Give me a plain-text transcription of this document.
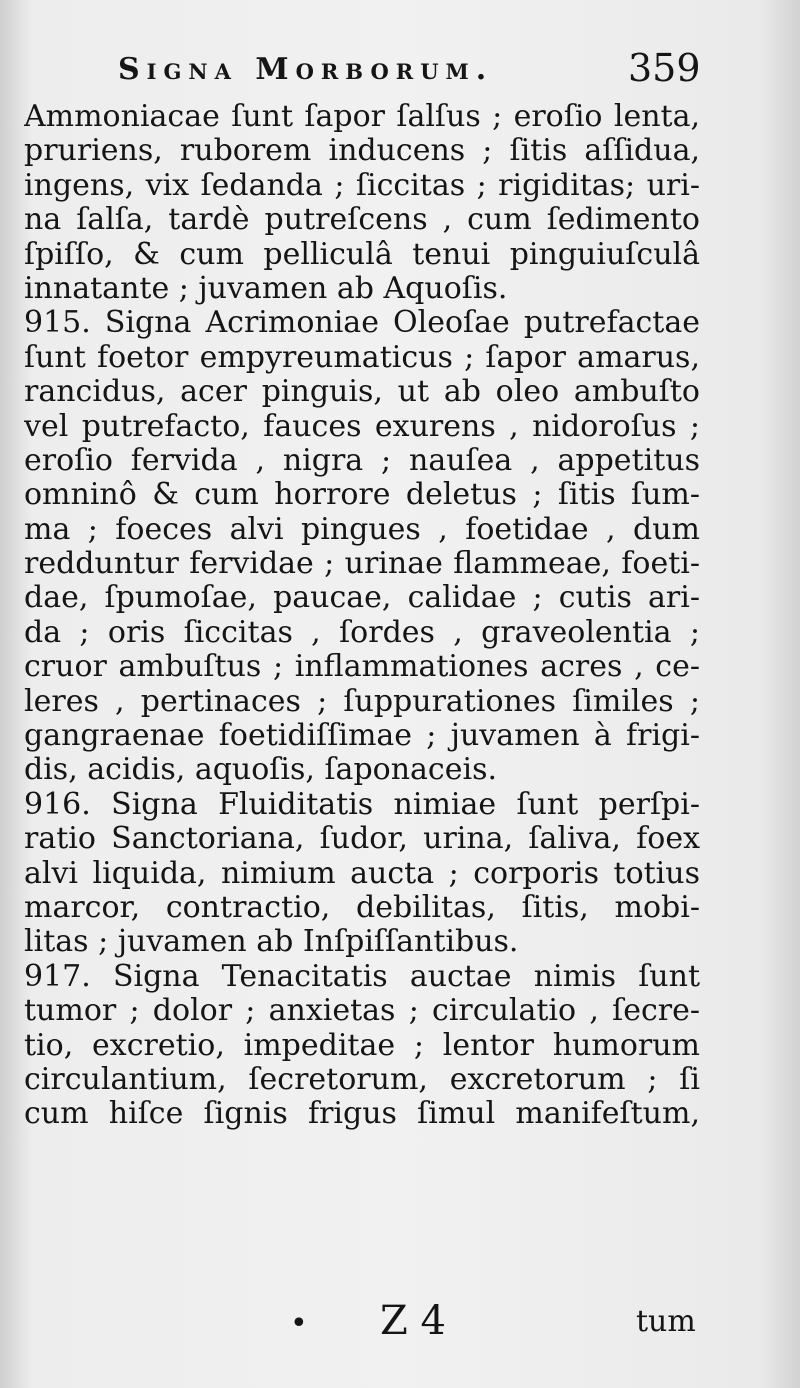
Signa Morborum.	359
Ammoniacae ſunt ſapor ſalſus ; eroſio lenta,
pruriens, ruborem inducens ; ſitis aſſidua,
ingens, vix ſedanda ; ſiccitas ; rigiditas; uri-
na ſalſa, tardè putreſcens , cum ſedimento
ſpiſſo, & cum pelliculâ tenui pinguiuſculâ
innatante ; juvamen ab Aquoſis.
915. Signa Acrimoniae Oleoſae putrefactae
ſunt foetor empyreumaticus ; ſapor amarus,
rancidus, acer pinguis, ut ab oleo ambuſto
vel putrefacto, fauces exurens , nidoroſus ;
eroſio fervida , nigra ; nauſea , appetitus
omninô & cum horrore deletus ; ſitis ſum-
ma ; foeces alvi pingues , foetidae , dum
redduntur fervidae ; urinae flammeae, foeti-
dae, ſpumoſae, paucae, calidae ; cutis ari-
da ; oris ſiccitas , ſordes , graveolentia ;
cruor ambuſtus ; inflammationes acres , ce-
leres , pertinaces ; ſuppurationes ſimiles ;
gangraenae foetidiſſimae ; juvamen à frigi-
dis, acidis, aquoſis, ſaponaceis.
916. Signa Fluiditatis nimiae ſunt perſpi-
ratio Sanctoriana, ſudor, urina, ſaliva, foex
alvi liquida, nimium aucta ; corporis totius
marcor, contractio, debilitas, ſitis, mobi-
litas ; juvamen ab Inſpiſſantibus.
917. Signa Tenacitatis auctae nimis ſunt
tumor ; dolor ; anxietas ; circulatio , ſecre-
tio, excretio, impeditae ; lentor humorum
circulantium, ſecretorum, excretorum ; ſi
cum hiſce ſignis frigus ſimul manifeſtum,
• Z 4	tum
